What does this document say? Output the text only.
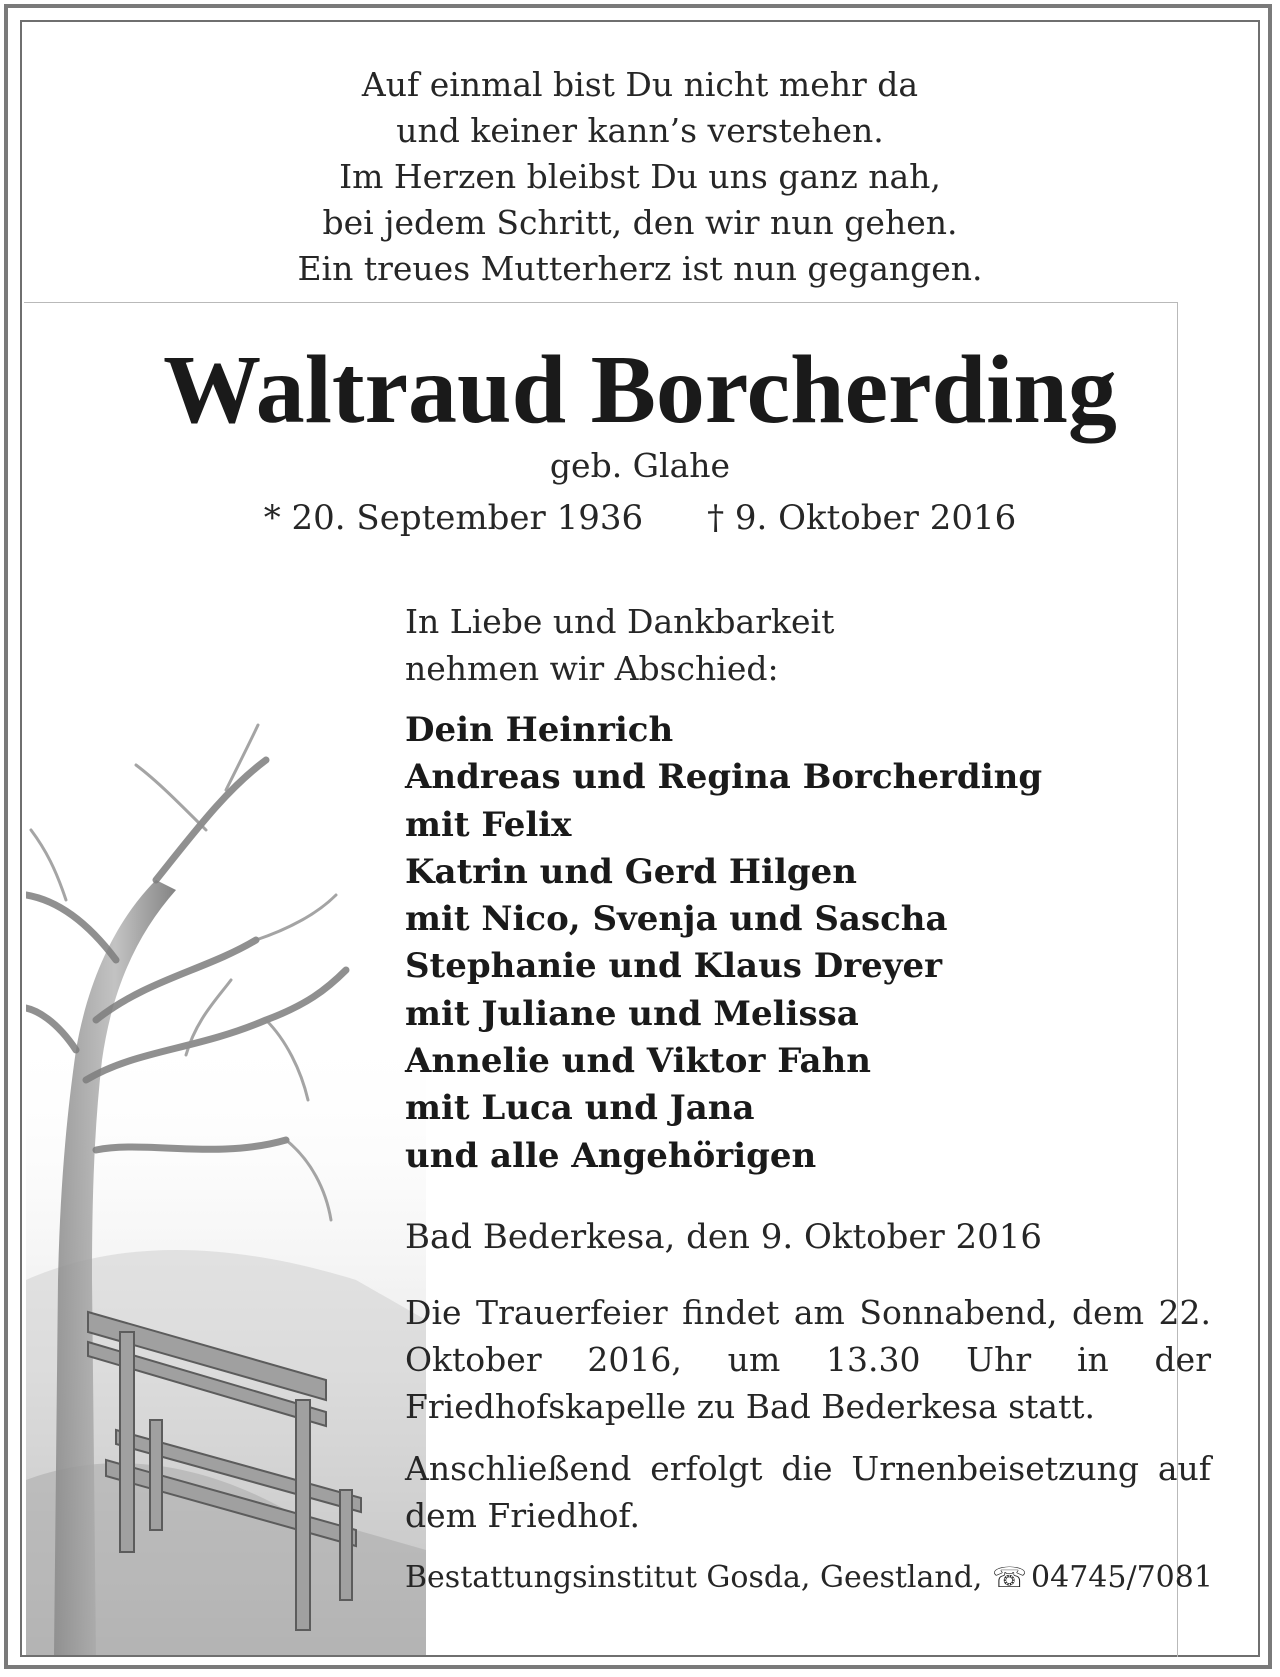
Auf einmal bist Du nicht mehr da
und keiner kann’s verstehen.
Im Herzen bleibst Du uns ganz nah,
bei jedem Schritt, den wir nun gehen.
Ein treues Mutterherz ist nun gegangen.
Waltraud Borcherding
geb. Glahe
* 20. September 1936 † 9. Oktober 2016
In Liebe und Dankbarkeit
nehmen wir Abschied:
Dein Heinrich
Andreas und Regina Borcherding
mit Felix
Katrin und Gerd Hilgen
mit Nico, Svenja und Sascha
Stephanie und Klaus Dreyer
mit Juliane und Melissa
Annelie und Viktor Fahn
mit Luca und Jana
und alle Angehörigen
Bad Bederkesa, den 9. Oktober 2016
Die Trauerfeier findet am Sonnabend, dem 22. Oktober 2016, um 13.30 Uhr in der Friedhofskapelle zu Bad Bederkesa statt.
Anschließend erfolgt die Urnenbeisetzung auf dem Friedhof.
Bestattungsinstitut Gosda, Geestland, ☏ 04745/7081
